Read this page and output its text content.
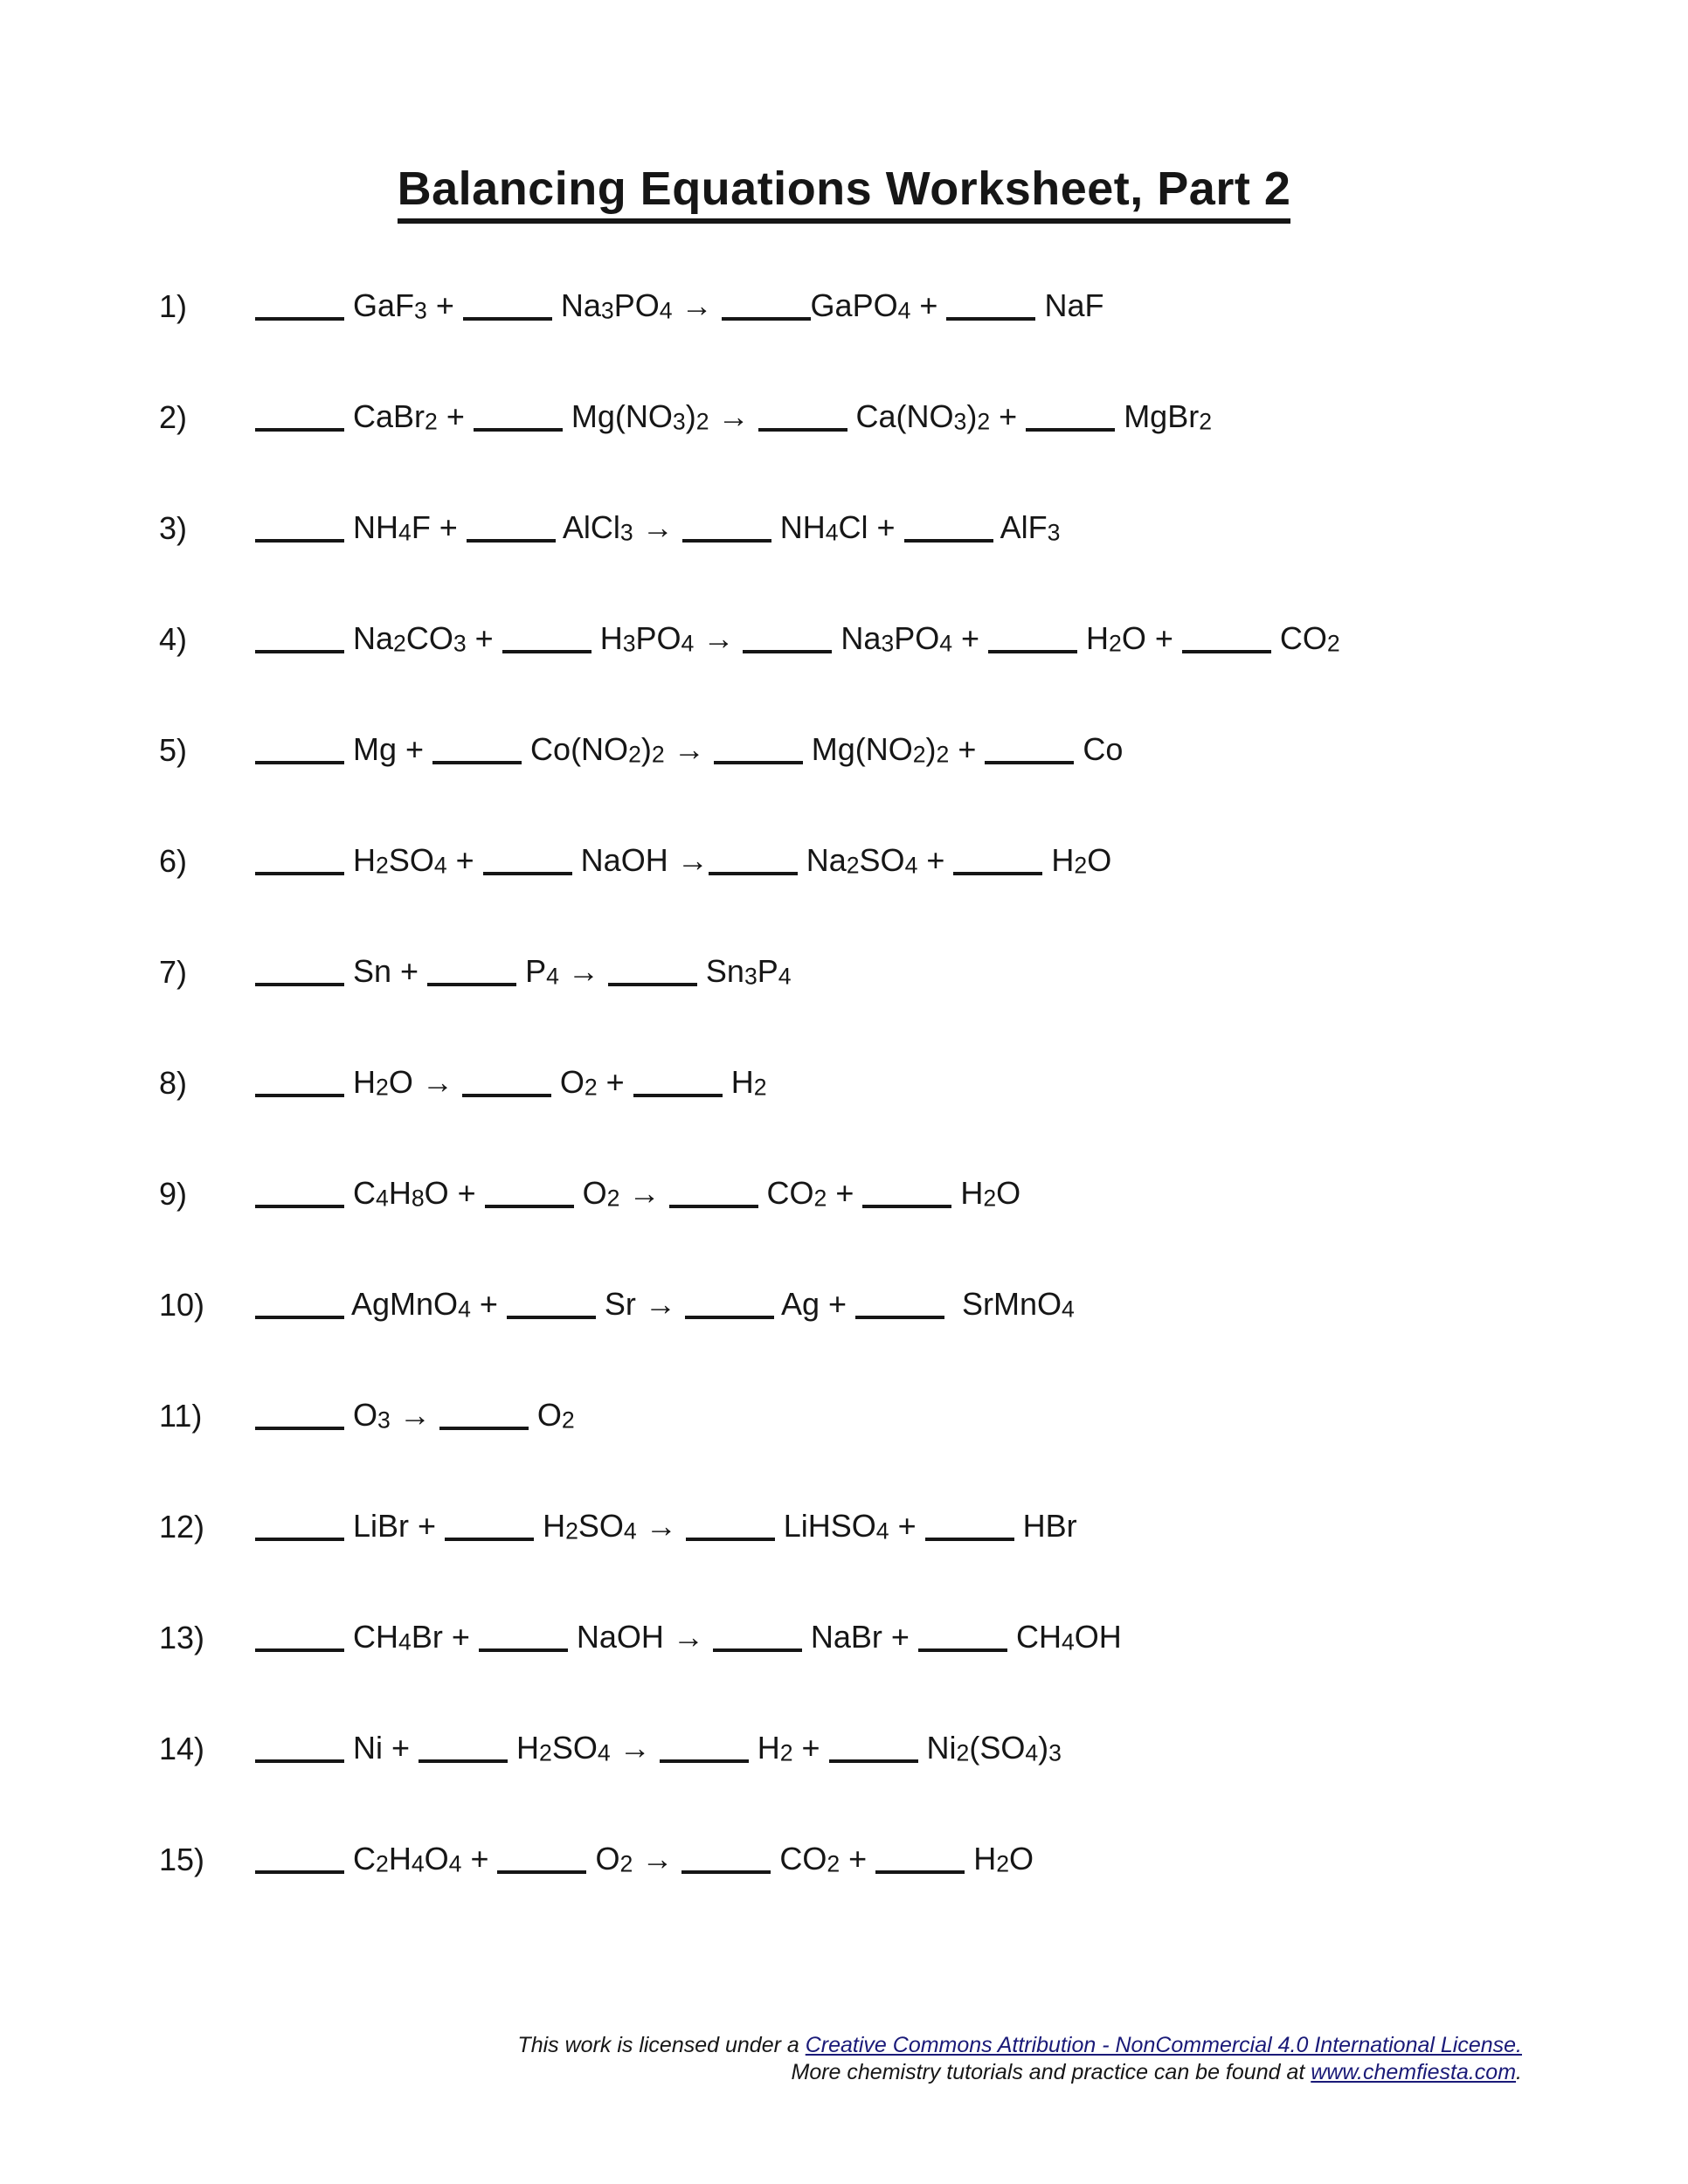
Balancing Equations Worksheet, Part 2
1)	GaF3 +	Na3PO4 →	GaPO4 +	NaF
2)	CaBr2 +	Mg(NO3)2 →	Ca(NO3)2 +	MgBr2
3)	NH4F +	AlCl3 →	NH4Cl +	AlF3
4)	Na2CO3 +	H3PO4 →	Na3PO4 +	H2O +	CO2
5)	Mg +	Co(NO2)2 →	Mg(NO2)2 +	Co
6)	H2SO4 +	NaOH →	Na2SO4 +	H2O
7)	Sn +	P4 →	Sn3P4
8)	H2O →	O2 +	H2
9)	C4H8O +	O2 →	CO2 +	H2O
10)	AgMnO4 +	Sr →	Ag +	SrMnO4
11)	O3 →	O2
12)	LiBr +	H2SO4 →	LiHSO4 +	HBr
13)	CH4Br +	NaOH →	NaBr +	CH4OH
14)	Ni +	H2SO4 →	H2 +	Ni2(SO4)3
15)	C2H4O4 +	O2 →	CO2 +	H2O
This work is licensed under a Creative Commons Attribution - NonCommercial 4.0 International License.
More chemistry tutorials and practice can be found at www.chemfiesta.com.
